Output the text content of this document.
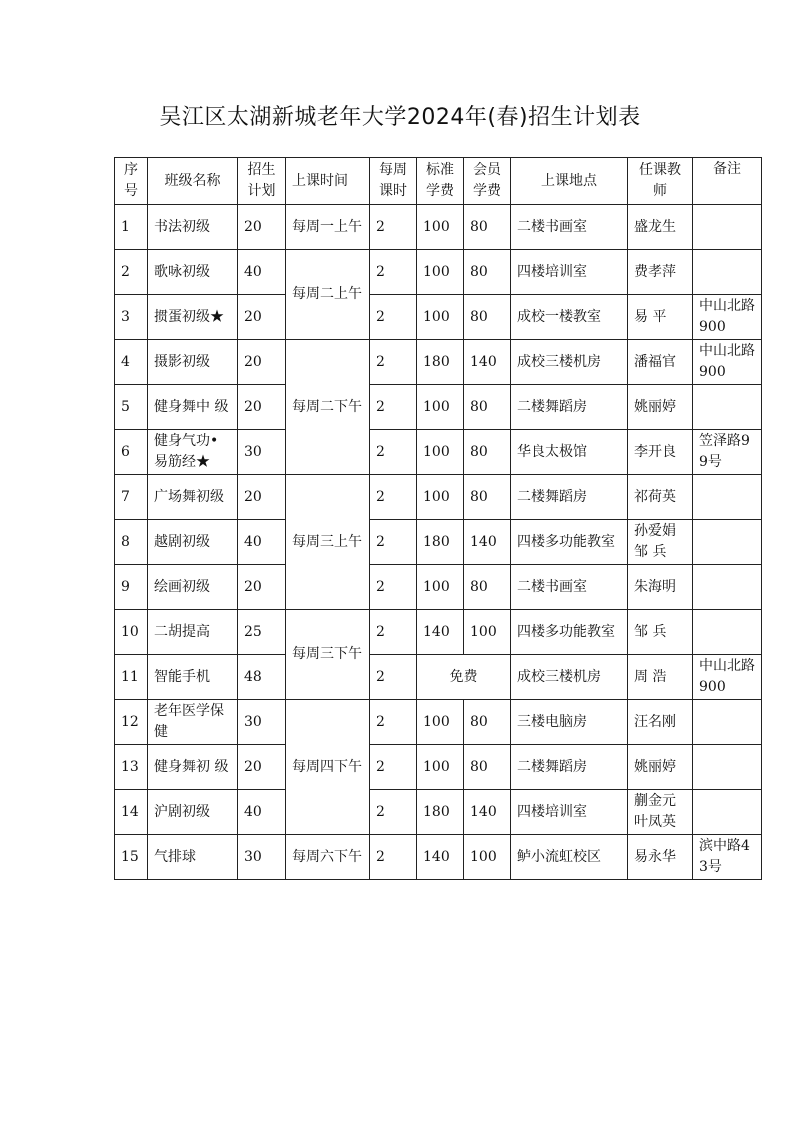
吴江区太湖新城老年大学2024年(春)招生计划表
序号	班级名称	招生计划	上课时间	每周课时	标准学费	会员学费	上课地点	任课教师	备注
1	书法初级	20	每周一上午	2	100	80	二楼书画室	盛龙生	
2	歌咏初级	40	每周二上午	2	100	80	四楼培训室	费孝萍	
3	掼蛋初级★	20		2	100	80	成校一楼教室	易 平	中山北路 900
4	摄影初级	20	每周二下午	2	180	140	成校三楼机房	潘福官	中山北路 900
5	健身舞中 级	20		2	100	80	二楼舞蹈房	姚丽婷	
6	健身气功•易筋经★	30		2	100	80	华良太极馆	李开良	笠泽路99号
7	广场舞初级	20	每周三上午	2	100	80	二楼舞蹈房	祁荷英	
8	越剧初级	40		2	180	140	四楼多功能教室	孙爱娟 邹 兵	
9	绘画初级	20		2	100	80	二楼书画室	朱海明	
10	二胡提高	25	每周三下午	2	140	100	四楼多功能教室	邹 兵	
11	智能手机	48		2	免费		成校三楼机房	周 浩	中山北路 900
12	老年医学保 健	30	每周四下午	2	100	80	三楼电脑房	汪名刚	
13	健身舞初 级	20		2	100	80	二楼舞蹈房	姚丽婷	
14	沪剧初级	40		2	180	140	四楼培训室	蒯金元 叶凤英	
15	气排球	30	每周六下午	2	140	100	鲈小流虹校区	易永华	滨中路43号
